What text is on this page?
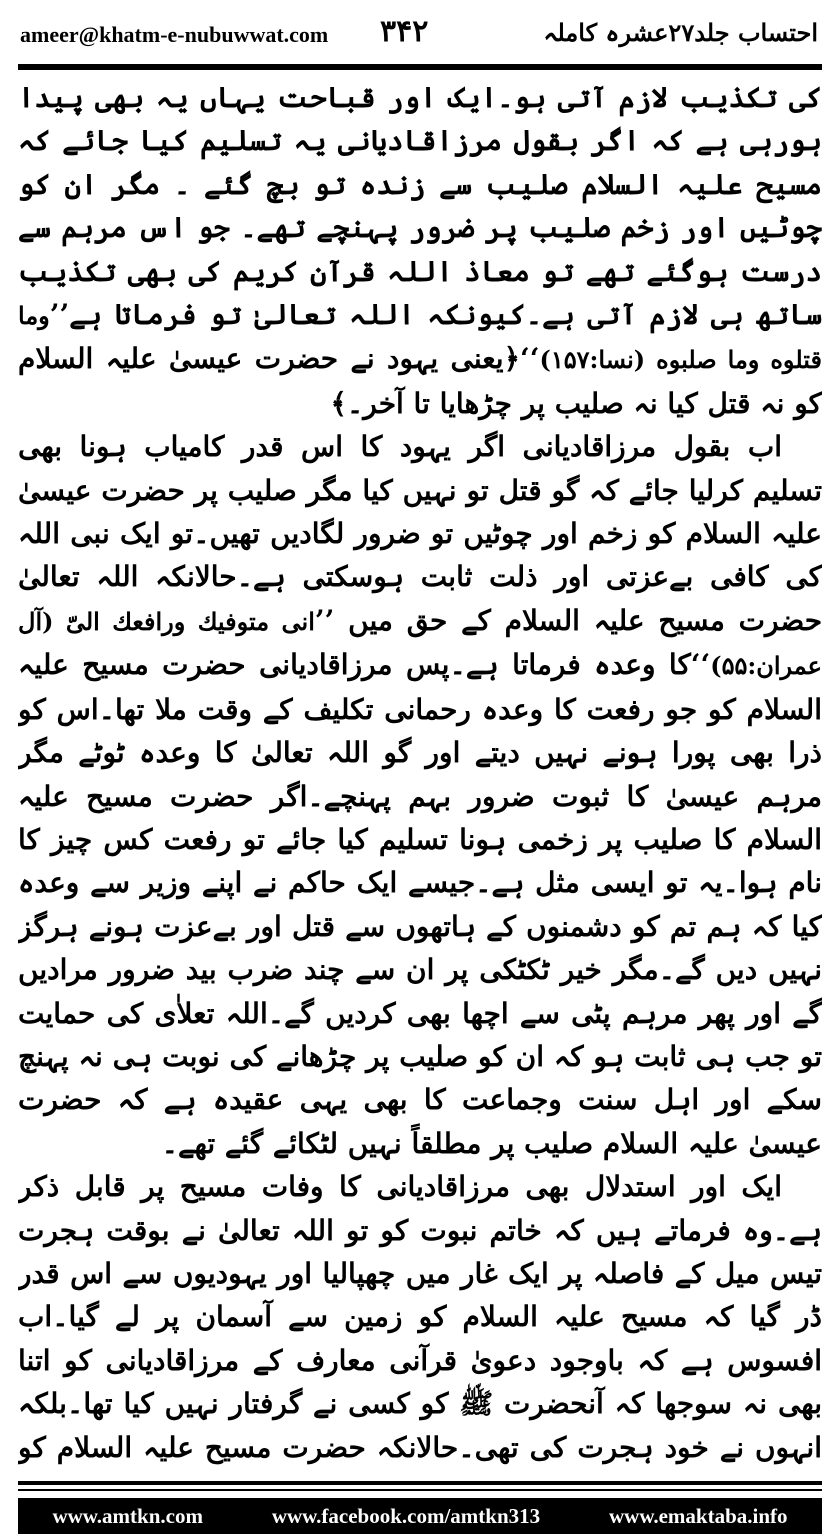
ameer@khatm-e-nubuwwat.com ۳۴۲	احتساب جلد۲۷عشرہ کاملہ

کی تکذیب لازم آتی ہو۔ایک اور قباحت یہاں یہ بھی پیدا ہورہی ہے کہ اگر بقول مرزاقادیانی یہ تسلیم کیا جائے کہ مسیح علیہ السلام صلیب سے زندہ تو بچ گئے ۔ مگر ان کو چوٹیں اور زخم صلیب پر ضرور پہنچے تھے۔ جو اس مرہم سے درست ہوگئے تھے تو معاذ اللہ قرآن کریم کی بھی تکذیب ساتھ ہی لازم آتی ہے۔کیونکہ اللہ تعالیٰ تو فرماتا ہے’’وما قتلوه وما صلبوه (نسا:۱۵۷)‘‘﴿یعنی یہود نے حضرت عیسیٰ علیہ السلام کو نہ قتل کیا نہ صلیب پر چڑھایا تا آخر۔﴾

اب بقول مرزاقادیانی اگر یہود کا اس قدر کامیاب ہونا بھی تسلیم کرلیا جائے کہ گو قتل تو نہیں کیا مگر صلیب پر حضرت عیسیٰ علیہ السلام کو زخم اور چوٹیں تو ضرور لگادیں تھیں۔تو ایک نبی اللہ کی کافی بےعزتی اور ذلت ثابت ہوسکتی ہے۔حالانکہ اللہ تعالیٰ حضرت مسیح علیہ السلام کے حق میں ’’انی متوفیك ورافعك الیّ (آل عمران:۵۵)‘‘کا وعدہ فرماتا ہے۔پس مرزاقادیانی حضرت مسیح علیہ السلام کو جو رفعت کا وعدہ رحمانی تکلیف کے وقت ملا تھا۔اس کو ذرا بھی پورا ہونے نہیں دیتے اور گو اللہ تعالیٰ کا وعدہ ٹوٹے مگر مرہم عیسیٰ کا ثبوت ضرور بہم پہنچے۔اگر حضرت مسیح علیہ السلام کا صلیب پر زخمی ہونا تسلیم کیا جائے تو رفعت کس چیز کا نام ہوا۔یہ تو ایسی مثل ہے۔جیسے ایک حاکم نے اپنے وزیر سے وعدہ کیا کہ ہم تم کو دشمنوں کے ہاتھوں سے قتل اور بےعزت ہونے ہرگز نہیں دیں گے۔مگر خیر ٹکٹکی پر ان سے چند ضرب بید ضرور مرادیں گے اور پھر مرہم پٹی سے اچھا بھی کردیں گے۔اللہ تعلاٰی کی حمایت تو جب ہی ثابت ہو کہ ان کو صلیب پر چڑھانے کی نوبت ہی نہ پہنچ سکے اور اہل سنت وجماعت کا بھی یہی عقیدہ ہے کہ حضرت عیسیٰ علیہ السلام صلیب پر مطلقاً نہیں لٹکائے گئے تھے۔

ایک اور استدلال بھی مرزاقادیانی کا وفات مسیح پر قابل ذکر ہے۔وہ فرماتے ہیں کہ خاتم نبوت کو تو اللہ تعالیٰ نے بوقت ہجرت تیس میل کے فاصلہ پر ایک غار میں چھپالیا اور یہودیوں سے اس قدر ڈر گیا کہ مسیح علیہ السلام کو زمین سے آسمان پر لے گیا۔اب افسوس ہے کہ باوجود دعویٰ قرآنی معارف کے مرزاقادیانی کو اتنا بھی نہ سوجھا کہ آنحضرت ﷺ کو کسی نے گرفتار نہیں کیا تھا۔بلکہ انہوں نے خود ہجرت کی تھی۔حالانکہ حضرت مسیح علیہ السلام کو

www.amtkn.com	www.facebook.com/amtkn313	www.emaktaba.info
